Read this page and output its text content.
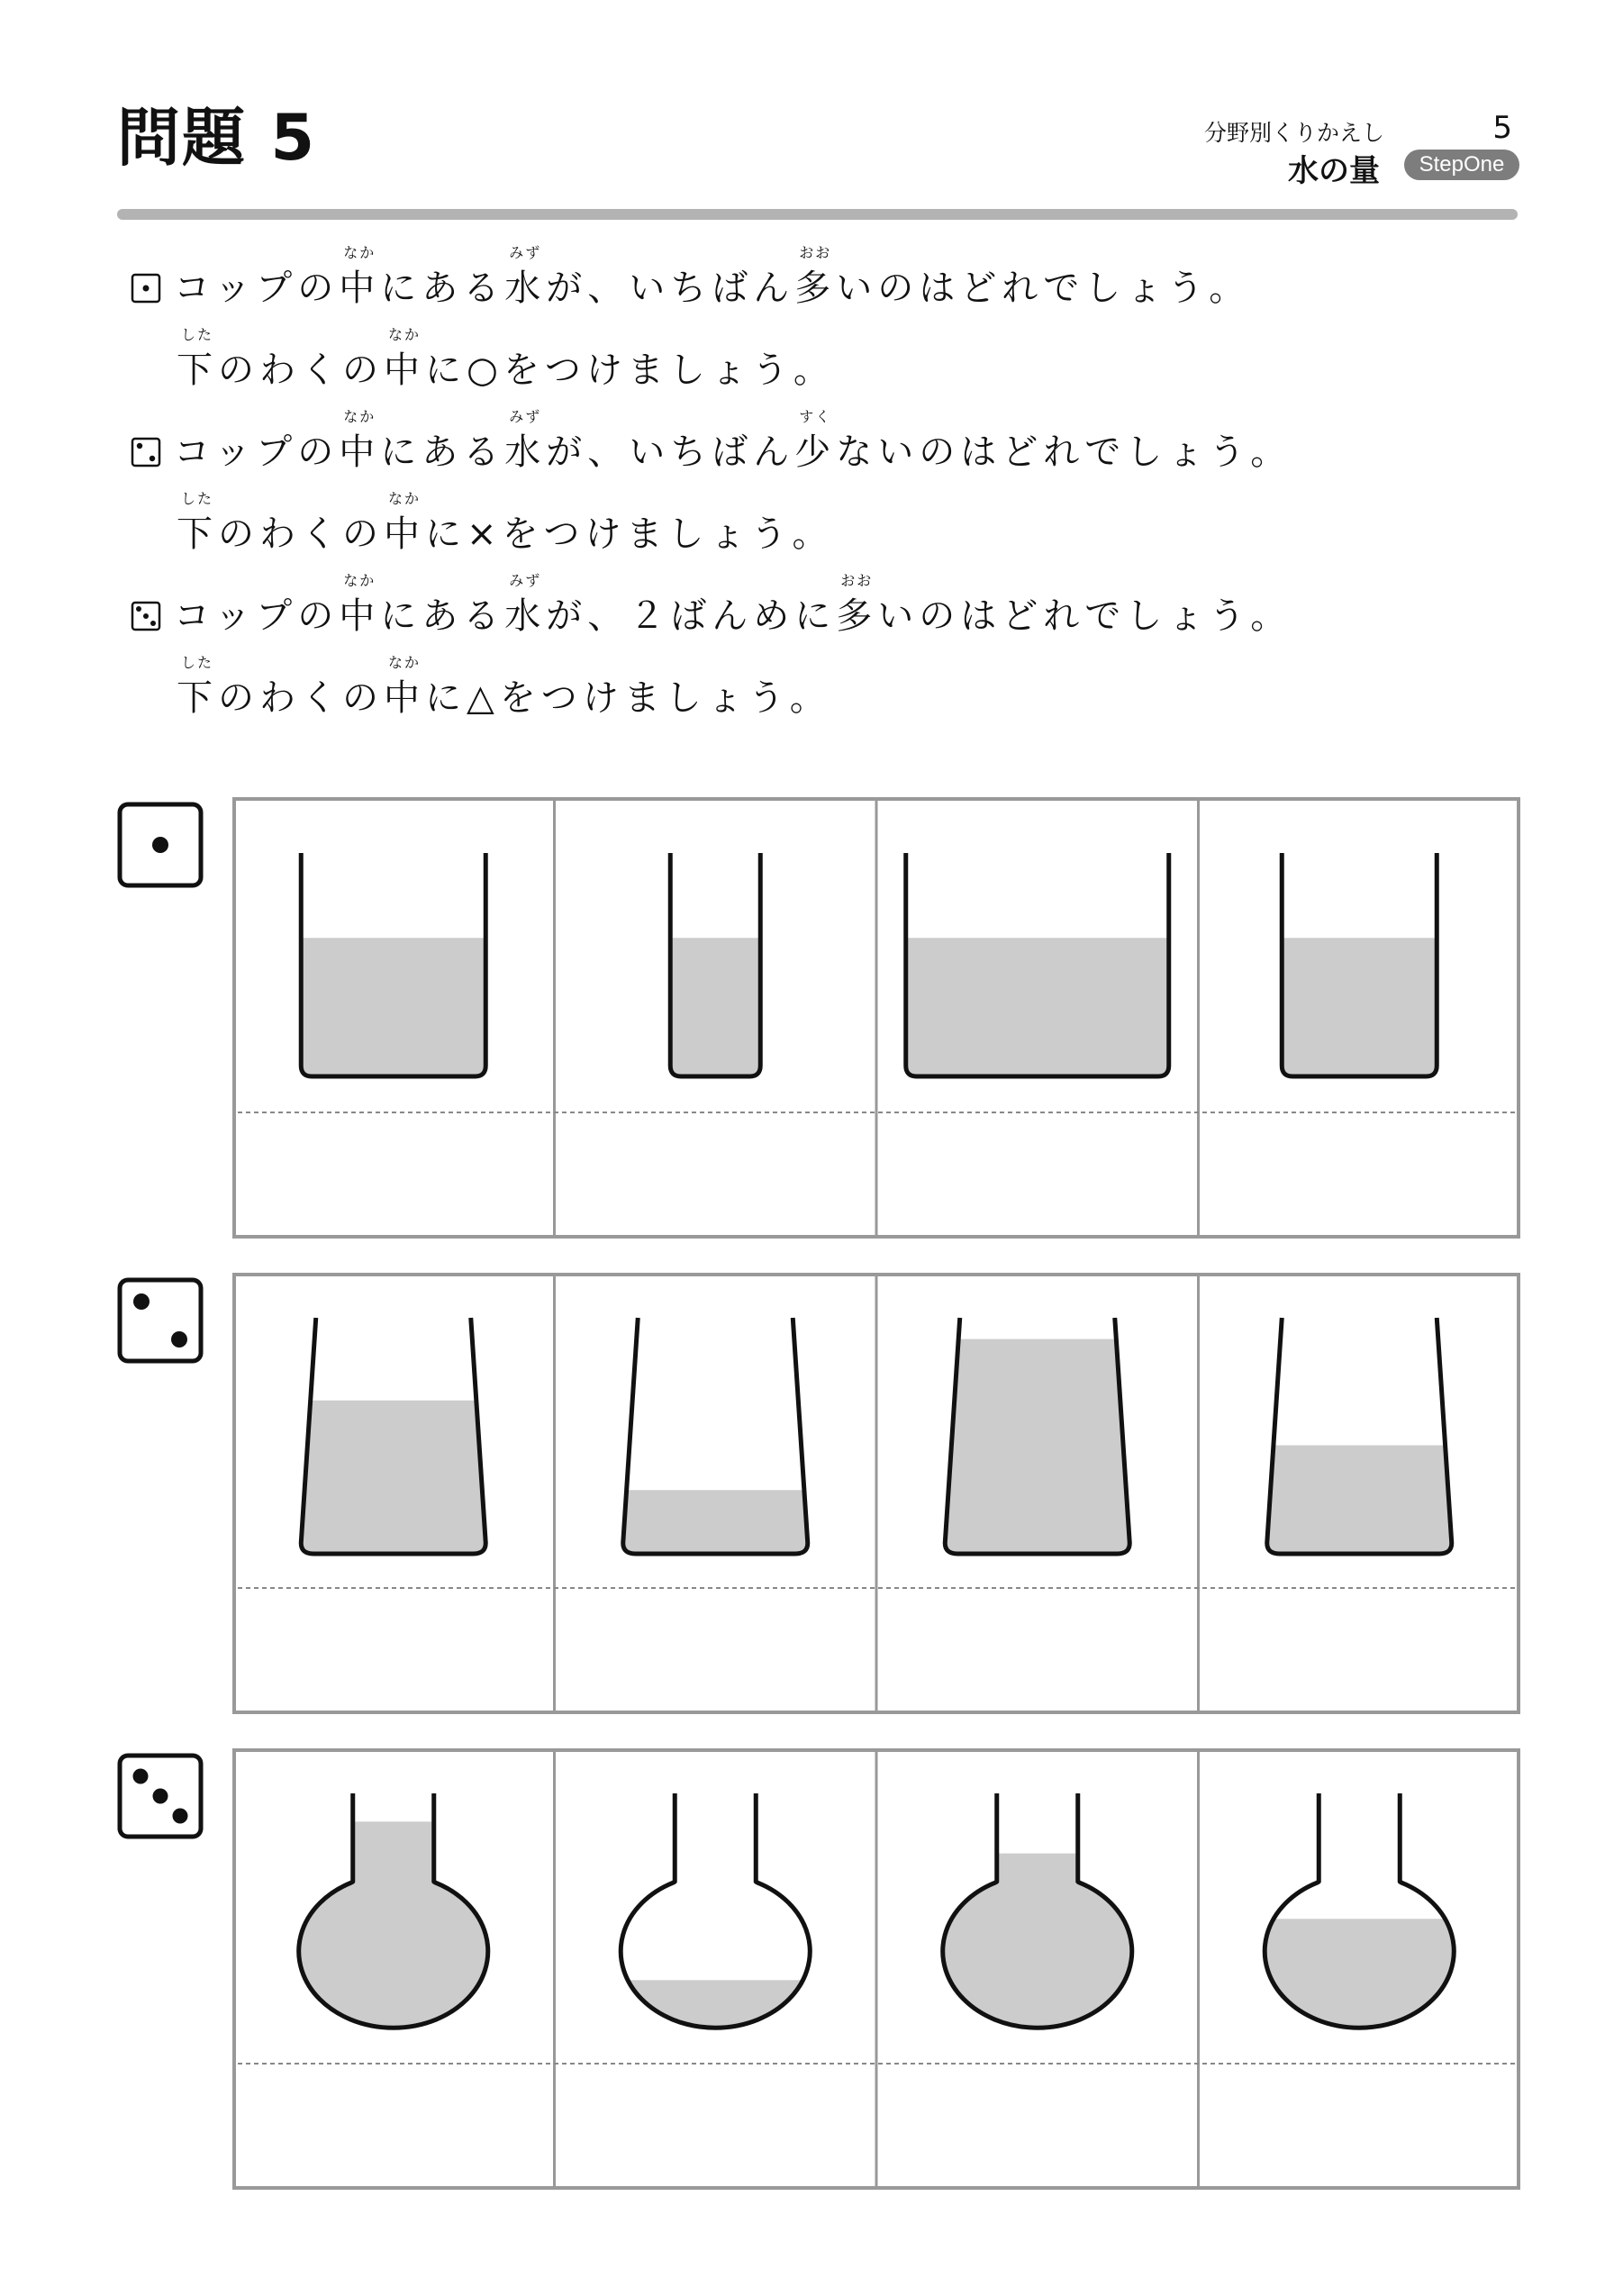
問題 5	分野別くりかえし	5
水の量	StepOne
コップの中
なか
にある水
みず
が、いちばん多
おお
いのはどれでしょう。
下
した
のわくの中
なか
に○をつけましょう。
コップの中
なか
にある水
みず
が、いちばん少
すく
ないのはどれでしょう。
下
した
のわくの中
なか
に×をつけましょう。
コップの中
なか
にある水
みず
が、２ばんめに多
おお
いのはどれでしょう。
下
した
のわくの中
なか
に△をつけましょう。
